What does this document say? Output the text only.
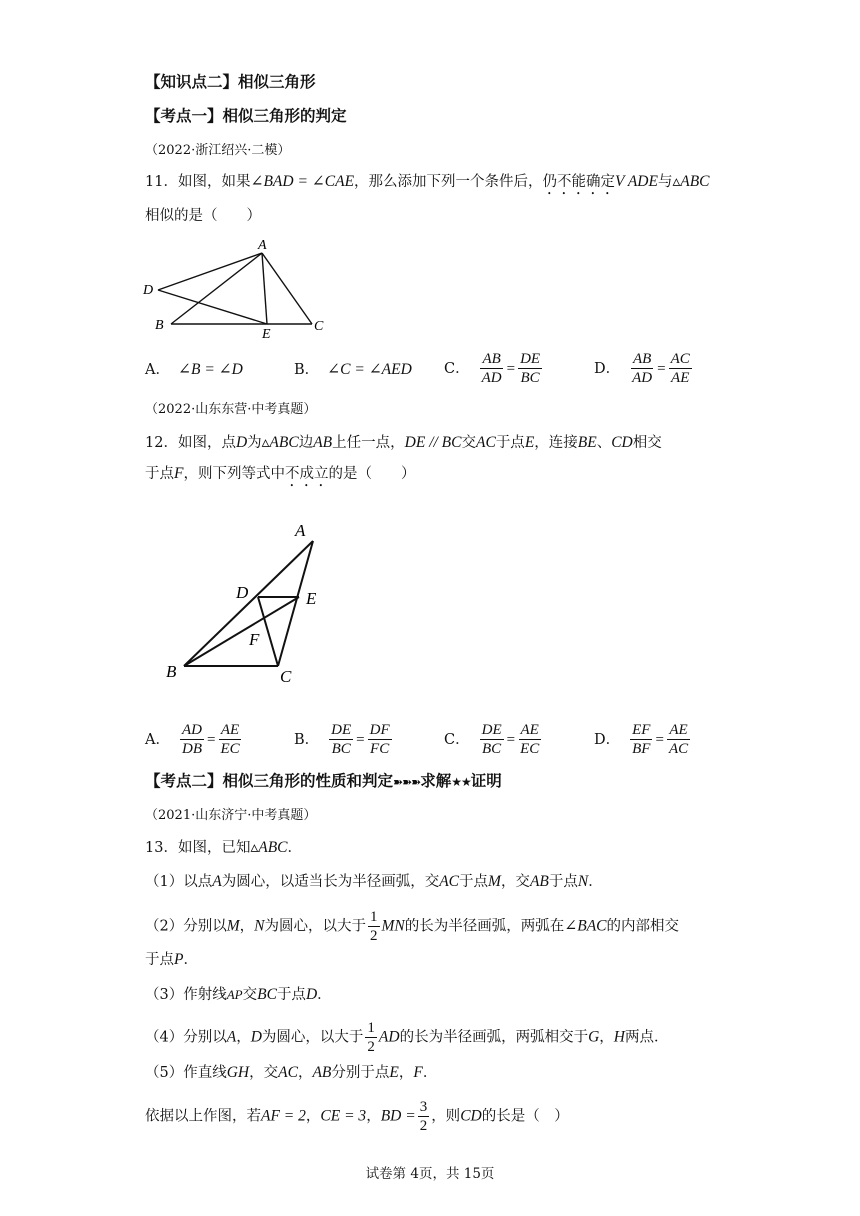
【知识点二】相似三角形
【考点一】相似三角形的判定
（2022·浙江绍兴·二模）
11．如图，如果∠BAD = ∠CAE，那么添加下列一个条件后，仍不能确定V ADE与▵ABC
相似的是（　　）
A
D
B
E
C
A． ∠B = ∠D	B． ∠C = ∠AED C． $\frac{AB}{AD} = \frac{DE}{BC}$	D． $\frac{AB}{AD} = \frac{AC}{AE}$
（2022·山东东营·中考真题）
12．如图，点D为▵ABC边AB上任一点，DE // BC交AC于点E，连接BE、CD相交
于点F，则下列等式中不成立的是（　　）
A
D	E
F
B	C
A． $\frac{AD}{DB} = \frac{AE}{EC}$	B． $\frac{DE}{BC} = \frac{DF}{FC}$	C． $\frac{DE}{BC} = \frac{AE}{EC}$	D． $\frac{EF}{BF} = \frac{AE}{AC}$
【考点二】相似三角形的性质和判定➽➽➽求解★★证明
（2021·山东济宁·中考真题）
13．如图，已知▵ABC．
（1）以点A为圆心，以适当长为半径画弧，交AC于点M，交AB于点N．
（2）分别以M，N为圆心，以大于 $\frac{1}{2}$ MN的长为半径画弧，两弧在∠BAC的内部相交
于点P．
（3）作射线AP交BC于点D．
（4）分别以A，D为圆心，以大于 $\frac{1}{2}$ AD的长为半径画弧，两弧相交于G，H两点．
（5）作直线GH，交AC，AB分别于点E，F．
依据以上作图，若AF = 2，CE = 3，BD = $\frac{3}{2}$ ，则CD的长是（　）
试卷第 4页，共 15页
